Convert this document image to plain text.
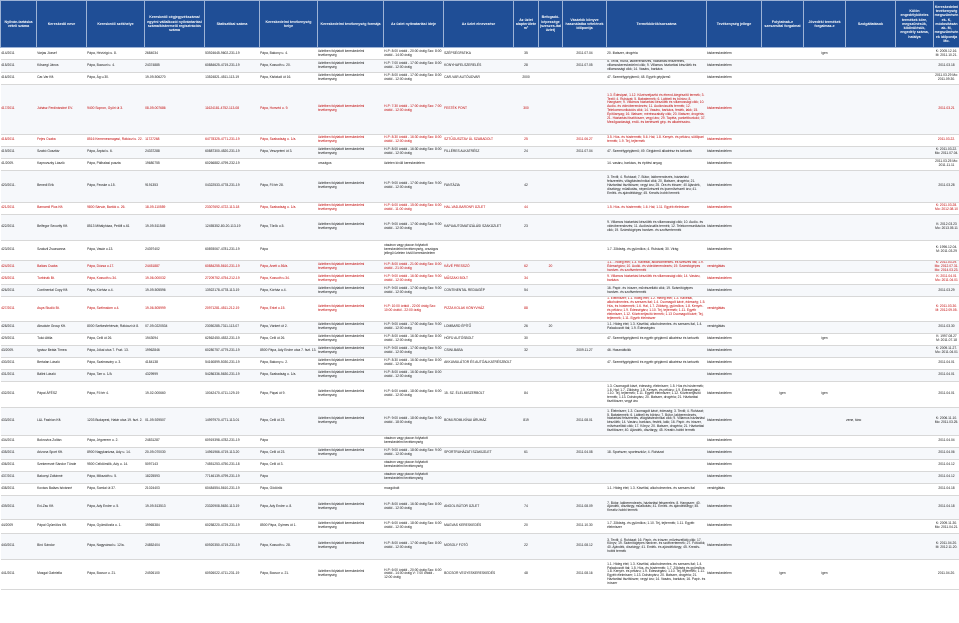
Nyilván-tartásba vételi száma	Kereskedő neve	Kereskedő székhelye	Kereskedő cégjegyzékszáma/ egyéni vállalkozói nyilvántartási száma/kistermelő regisztrációs száma	Statisztikai száma	Kereskedelmi tevékenység helye	Kereskedelmi tevékenység formája	Az üzlet nyitvatartási ideje	Az üzlet elnevezése	Az üzlet alapterülete m²	Befogadó-képessége (szeszes-ital üzlet)	Vásárlók könyve használatba vételének időpontja	Termékkörök/sorszáma	Tevékenység jellege	Folytatnak-e szeszesital forgalmat	Jövedéki termékek forgalmaz-e	Szolgáltatások	Külön engedélyköteles termékek köre, megszűnésük, kibővülésük, engedély száma, hatálya	Kereskedelmi tevékenység megszűnésének- K, módosításának- M, megszűnésének időpontja Mo.
414/2011	Varjas József	Pápa, Hévízigó u. 8.	2684034	53924645-9602-231-19	Pápa, Bakony u. 4.	üzletben folytatott kereskedelmi tevékenység	H-P: 8:00 órától - 20:00 óráig Szo: 8:00 órától - 14:00 óráig	SZÉPSÉGPATIKA	35		2011.07.04	20. Illatszer, drogéria	kiskereskedelem		igen			K: 2005.12.16. M: 2011.10.21.
415/2011	Kőszegi János	Pápa, Bucsuri u. 4.	24374885	60884625-4719-231-19	Pápa, Kossuth u. 20.	üzletben folytatott kereskedelmi tevékenység	H-P: 7:00 órától - 17:00 óráig Szo: 8:00 órától - 12:00 óráig	KONYHAFELSZERELÉS	28		2011.07.05	5. Textil, Ruhá, lakberendezés, háztartási felszerelés, villamoskereskedelmi cikk; 9. Villamos háztartási készülék és villamossági cikk; 14. Vasáru, barkács	kiskereskedelem					2011.03.18
416/2011	Car-Var Kft.	Pápa, Ág u.30.	19-09-506270	13524821-4511-113-19	Pápa, Kisfaludi út 16.	üzletben folytatott kereskedelmi tevékenység	H-P: 8:00 órától - 17:00 óráig Szo: 8:00 órától - 12:00 óráig	CAR-VAR AUTÓUDVAR	2000			47. Személygépjármű; 48. Egyéb gépjármű	kiskereskedelem					2011.03.29 Mo: 2011.09.30.
417/2011	Juhász Ferdinándné EV.	9400 Sopron, Győri út 3.	08-09-007686	11624181-4752-113-08	Pápa, Honvéd u. 9.	üzletben folytatott kereskedelmi tevékenység	H-P: 7:30 órától - 17:00 óráig Szo: 7:00 órától - 12:00 óráig	FESTÉK PONT	300			1.3. Édesipari, 1.12. Közérzetjavító és étrend-kiegészítő termék; 3. Textil; 4. Ruházat; 5. Babatermék; 6. Lábbeli és bőráru; 8. Hangszer; 9. Villamos háztartási készülék és villamossági cikk; 10. Audio- és videóberendezés; 11. Audiovizuális termék; 12. Telekommunikációs cikk; 14. Vasáru, barkács, festék, lakk; 15. Építőanyag; 16. Illatszer, mérésszabály cikk; 20. Illatszer, drogéria; 21. Háztartási tisztítószer, vegyi áru; 29. Tapéta, parkettburkoló; 37. Mezőgazdasági, erdő- és kertészeti gép- és alkatrészáru.	kiskereskedelem					2011.03.21
418/2011	Fejes Csaba	8516 Kemenesmagasi, Rákóczi u. 22.	11727268	64778325-4771-231-19	Pápa, Szabadság u. 1/a.	üzletben folytatott kereskedelmi tevékenység	H-P: 8:30 órától - 16:30 óráig Szo: 8:00 órától - 12:00 óráig	SZTŰGUSZTAV ÚL SZABADOLT	25		2011.06.27	3.5. Hús- és hústermék; 5.6. Hal; 1.8. Kenyér- és pékáru, sütőipari termék; 1.9. Tej, tejtermék	kiskereskedelem					2011.03.22.
419/2011	Szabó Gusztáv	Pápa, Árpád u. 6.	24337288	60887300-4520-231-19	Pápa, Veszprémi út 3.	üzletben folytatott kereskedelmi tevékenység	H-P: 8:00 órától - 16:30 óráig Szo: 8:00 órától - 12:00 óráig	FILLÉRES ALKATRÉSZ	24		2011.07.04	47. Személygépjármű; 49. Gépjármű alkatrész és tartozék	kiskereskedelem					K: 2011.03.22. Mo: 2011.07.04.
41/2009.	Kaprovszky László	Pápa, Pálhalasi puszta	19680755	60266882-4799-232-19		országos	üzleten kívüli kereskedelem					14. vasáru, barkács, és építési anyag	kiskereskedelem					2011.03.25 Mo: 2011.11.11
420/2011.	Benedi Erik	Pápa, Fecske u.15.	9191353	04322533-4778-231-19	Pápa, Fő tér 28.	üzletben folytatott kereskedelmi tevékenység	H-P: 9:00 órától - 17:00 óráig Szo: 9:00 órától - 12:00 óráig	FANTÁZIA	42			3. Textil; 4. Ruházat; 7. Bútor, lakberendezés, háztartási felszerelés, világítástechnikai cikk; 20. Illatszer, drogéria; 21. Háztartási tisztítószer, vegyi áru; 25. Óra és ékszer; 40 Ajándék, dísztárgy, műalkotás, népművészeti és iparművészeti áru; 41. Emlék- és ajándéktárgy; 45. Kreatív-hobbi termék	kiskereskedelem					2011.03.28
421/2011	Barnamil Plus Kft.	9800 Sárvár, Bartók u. 26.	18-09-110559	23307692-4722-113-18	Pápa, Szabadság u. 1/a.	üzletben folytatott kereskedelmi tevékenység	H-P: 6:00 órától - 15:00 óráig Szo: 6:00 órától - 11:00 óráig	HAL-VAD-BARONFI ÜZLET	44			1.5. Hús- és hústermék; 1.6. Hal; 1.11. Egyéb élelmiszer	kiskereskedelem					K: 2011.03.28. Mo: 2012.08.10
422/2011	Belfegor Security Kft.	8513 Mihályháza, Petőfi u.61	19-09-511545	12455352-80-20-113-19	Pápa, Török u.5.	üzletben folytatott kereskedelmi tevékenység	H-P: 9:00 órától - 17:00 óráig Szo: 9:00 órától - 12:00 óráig	KAPUAUTOMATIZÁLÁSI SZAKÜZLET	23			9. Villamos háztartási készülék és villamossági cikk; 10. Audio- és videóberendezés; 11. Audiovizuális termék; 12. Telekommunikációs cikk; 19. Számítógépes hardver- és szoftvertermék	kiskereskedelem					K: 2012.03.23 Mo: 2013.05.11
423/2011	Szalczli Zsuzsanna	Pápa, Vasár u.13.	24397402	60893067-4781-231-19	Pápa		vásáron vagy piacon folytatott kereskedelmi tevékenység, országos jellegű üzleten kívüli kereskedelem					1.7. Zöldség- és gyümölcs; 4. Ruházat; 30. Virág	kiskereskedelem					K: 1996.12.04. M: 2011.03.29
424/2011	Balázs Csaba	Pápa, Dózsa u.17.	24451887	60884255-5610-231-19	Pápa, Anett u.56/a.	üzletben folytatott kereskedelmi tevékenység	H-P: 8:00 órától - 21:00 óráig Szo: 8:00 órától - 21:00 óráig	KÁVÉ PRESSZÓ	62	20		1.1. - hideg étel; 1.3. Kávéital, alkoholmentes- és szeszes ital; 1.9. Édességáru; 10. Audió- és videóberendezés; 19. Számítógépes hardver- és szoftvertermék	vendéglátás					K: 2011.03.29. Mo: 2012.07.31. Mo: 2014.03.23.
425/2011	Turbinák Bt.	Pápa, Kossuth u.34.	19-06-000032	27209752-4754-212-19	Pápa, Kossuth u.34.	üzletben folytatott kereskedelmi tevékenység	H-P: 9:00 órától - 16:30 óráig Szo: 9:00 órától - 12:00 óráig	MŰSZAKI BOLT	34			9. Villamos háztartási készülék és villamossági cikk; 14. Vasáru, barkács	kiskereskedelem					K: 2011.04.01 Mo: 2011.04.01
426/2011	Continental Copy Kft.	Pápa, Kórház u.4.	19-09-505596	13922178-4778-113-19	Pápa, Kórház u.4.	üzletben folytatott kereskedelmi tevékenység	H-P: 9:00 órától - 17:00 óráig Szo: 9:00 órától - 12:00 óráig	CONTINENTAL REDIAGÉP	54			16. Papír- és írószer, művészellátó cikk; 19. Számítógépes hardver- és szoftvertermék	kiskereskedelem					2011.03.29
427/2011	Asya Studió Bt.	Pápa, Szélmalom u.4.	19-06-505999	20971281-4511-212-19	Pápa, Erkel u.15.	üzletben folytatott kereskedelmi tevékenység	H-P: 10:00 órától - 22:00 óráig Szo: 10:00 órától - 22:00 óráig	PIZZA KOLAK KÖNYVHÁZ	88			1. Élelmiszer; 1.1. hideg étel; 1.2. meleg étel; 1.3. Kávéital, alkoholmentes- és szeszes ital; 1.4. Csomagolt kávé, édesség; 1.5. Hús, és hústermék; 1.6. Hal, 1.7. Zöldség, gyümölcs; 1.8. Kenyér- és pékáru; 1.9. Édességáru; 1.10. Tej, tejtermék; 1.11. Egyéb élelmiszer, 1.12. Közérzetjavító termék; 1.13 Csomagolt kávé; Tej, tejtermék; 1.11. Egyéb élelmiszer	vendéglátás					K: 2011.03.30. M: 2012.09.05.
428/2011	Absolute Group Kft.	8000 Székesfehérvár, Rákóczi út 8.	07-09-0220534	23050285-7311-113-07	Pápa, Várkert út 2.	üzletben folytatott kereskedelmi tevékenység	H-P: 9:00 órától - 17:00 óráig Szo: 9:00 órától - 12:00 óráig	LOMBARD ÉPÍTŐ	26	20		1.1. Hideg étel; 1.3. Kávéital, alkoholmentes- és szeszes ital, 1.4. Palackozott ital; 1.9. Édességáru	vendéglátás					2011.03.30
429/2011	Tukó Attila	Pápa, Celli út 26.	1943094	62562450-4532-231-19	Pápa, Celli út 26.	üzletben folytatott kereskedelmi tevékenység	H-P: 8:00 órától - 16:30 óráig Szo: 8:00 órától - 12:00 óráig	HÓFÜ AUTÓSBOLT	30			47. Személygépjármű és egyéb gépjármű alkatrész és tartozék	kiskereskedelem		igen			K: 1997.08.27 M: 2011.07.18
43/2009.	Ignácz Beáta Tímea	Pápa, Jókai utca 7. Fszt. 13.	19962846	60280757-4779-231-19	8500 Pápa, Ady Endre utca 7. fszt. 13.	üzletben folytatott kereskedelmi tevékenység	H-P: 9:00 órától - 17:00 óráig Szo: 9:00 órától - 12:00 óráig	CSINI-BABA	32		2009.11.27	46. Használtcikk	kiskereskedelem					K: 2009.11.27. Mo: 2011.04.01
430/2011	Bertalan László	Pápa, Szalmaváry u. 3.	4184138	54160899-5030-231-19	Pápa, Bakony u. 2.	üzletben folytatott kereskedelmi tevékenység	H-P: 8:30 órától - 16:30 óráig Szo: 8:00 órától - 12:00 óráig	AKKUMULÁTOR ÉS AUTÓALKATRÉSZBOLT				47. Személygépjármű és egyéb gépjármű alkatrész és tartozék	kiskereskedelem					2011.04.01
431/2011	Bálint László	Pápa, Tarr u. 1/A	4329999	54286336-5630-231-19	Pápa, Szabadság u. 1/a.	üzletben folytatott kereskedelmi tevékenység	H-P: 8:00 órától - 16:30 óráig Szo: 8:00 órától - 12:00 óráig						kiskereskedelem					2011.04.01
432/2011	Pápai ÁFÉSZ	Pápa, Fő tér 4.	19-02-000660	10042470-4711-129-19	Pápa, Pápai út 9.	üzletben folytatott kereskedelmi tevékenység	H-P: 6:00 órától - 18:00 óráig Szo: 6:00 órától - 12:00 óráig	15. SZ. ÉLELMISZERBOLT	84			1.3. Csomagolt kávé, édesség, élelmiszer; 1.5. Hús és hústermék; 1.6. Hal; 1.7. Zöldség; 1.8. Kenyér- és pékáru; 1.9. Édességáru; 1.10. Tej, tejtermék; 1.11. Egyéb élelmiszer; 1.12. Közérzetjavító termék; 1.13. Dohányáru; 20. Illatszer, drogéria; 21. Háztartási tisztítószer, vegyi áru	kiskereskedelem	igen	igen			2011.04.01
433/2011	L&L Fashion Kft.	1203 Budapest, Határ utca 19. fszt. 2.	01-09-929507	14997970-4771-113-01	Pápa, Celli út 23.	üzletben folytatott kereskedelmi tevékenység	H-P: 9:00 órától - 18:00 óráig Szo: 9:00 órától - 18:00 óráig	BOMI-ROMI-KÍNAI ÁRUHÁZ	819		2011.08.01	1. Élelmiszer; 1.3. Csomagolt kávé, édesség; 3. Textil; 4. Ruházat; 5. Babatermék; 6. Lábbeli és bőráru; 7. Bútor, lakberendezés, háztartási felszerelés, világítástechnikai cikk; 9. Villamos háztartási készülék; 14. Vasáru, barkács, festék, lakk; 16. Papír- és írószer, művészellátó cikk; 17. Könyv; 20. Illatszer, drogéria; 21. Háztartási tisztítószer; 40. Ajándék, dísztárgy; 45. Kreatív-hobbi termék	kiskereskedelem			zene, tánc		K: 2006.11.10. Mo: 2011.03.25.
434/2011	Bokrovics Zoltán	Pápa, Jégverem u. 2.	24831287	60919398-4782-231-19	Pápa		vásáron vagy piacon folytatott kereskedelmi tevékenység						kiskereskedelem					2011.04.04
435/2011	Arizona Sport Kft.	8900 Nagykanizsa, Ady u. 14.	20-09-070030	14961966-4719-113-20	Pápa, Celli út 23.	üzletben folytatott kereskedelmi tevékenység	H-P: 9:00 órától - 18:00 óráig Szo: 9:00 órától - 12:00 óráig	SPORTRUHÁZATI SZAKÜZLET	61		2011.04.08	18. Sportszer, sporteszköz; 4. Ruházat	kiskereskedelem					2011.04.06
436/2011	Szekeresné Sándor Tünde	9500 Celldömölk, Ady u. 14.	5097143	74551253-4750-231-18	Pápa, Celli út 3.		vásáron vagy piacon folytatott kereskedelmi tevékenység						kiskereskedelem					2011.04.12
437/2011	Bakonyi Zoltánné	Pápa, Mikszáth u. 5.	18225593	77146139-4799-231-19	Pápa		vásáron vagy piacon folytatott kereskedelmi tevékenység						kiskereskedelem					2011.04.12
438/2011	Kovács Balázs Istvánné	Pápa, Somlai út 37.	21024403	60484554-5610-231-19	Pápa, Gödörök		mozgóbolt					1.1. Hideg étel; 1.3. Kávéital, alkoholmentes- és szeszes ital	vendéglátás					2011.04.18
439/2011	Exi-Zsu Kft.	Pápa, Ady Endre u. 5.	19-09-513513	23320908-5630-113-19	Pápa, Ady Endre u. 8.	üzletben folytatott kereskedelmi tevékenység	H-P: 8:00 órától - 16:30 óráig Szo: 8:00 órától - 12:00 óráig	ANGOL BÚTOR ÜZLET	74		2011.08.09	7. Bútor, lakberendezés, háztartási felszerelés; 8. Hangszer; 40. Ajándék, dísztárgy, műalkotás; 41. Emlék- és ajándéktárgy; 45. Kreatív-hobbi termék	kiskereskedelem					2011.04.18
44/2009	Pápai Gyümölcs Kft.	Pápa, Gyümölcsfa u. 1.	19965384	60258220-4729-231-19	8500 Pápa, Gyimes út 1.	üzletben folytatott kereskedelmi tevékenység	H-P: 6:00 órától - 18:00 óráig Szo: 6:00 órától - 12:00 óráig	MAGVAS KERESKEDÉS	20		2011.10.30	1.7. Zöldség- és gyümölcs; 1.10. Tej, tejtermék; 1.11. Egyéb élelmiszer	kiskereskedelem					K: 2009.11.30. Mo: 2011.04.21.
440/2011	Bíró Sándor	Pápa, Nagyvárad u. 12/a.	24852404	60920350-4719-231-19	Pápa, Kossuth u. 28.	üzletben folytatott kereskedelmi tevékenység	H-P: 8:00 órától - 17:00 óráig Szo: 8:00 órától - 12:00 óráig	MOSOLY FOTÓ	22		2011.08.12	3. Textil; 4. Ruházat; 16. Papír- és írószer, művészellátó cikk; 17. Könyv; 19. Számítógépes hardver- és szoftvertermék; 27. Fotócikk; 40. Ajándék, dísztárgy; 41. Emlék- és ajándéktárgy; 45. Kreatív-hobbi termék	kiskereskedelem					K: 2011.04.20. M: 2012.11.20.
441/2011	Mosgai Gabriella	Pápa, Bocsor u. 21.	24926100	60926022-4711-231-19	Pápa, Bocsor u. 21.	üzletben folytatott kereskedelmi tevékenység	H-P: 6:00 órától - 20:00 óráig Szo: 6:00 órától - 14:00 óráig V: 7:00 órától - 12:00 óráig	BOCSOR VEGYESKERESKEDÉS	48		2011.08.16	1.1. Hideg étel; 1.3. Kávéital, alkoholmentes- és szeszes ital; 1.4. Palackozott ital; 1.5. Hús- és hústermék; 1.7. Zöldség és gyümölcs; 1.8. Kenyér- és pékáru; 1.9. Édességáru; 1.10. Tej, tejtermék; 1.11. Egyéb élelmiszer; 1.13. Dohányáru; 20. Illatszer, drogéria; 21. Háztartási tisztítószer, vegyi áru; 14. Vasáru, barkács; 16. Papír- és írószer	kiskereskedelem	igen	igen			2011.04.20.
